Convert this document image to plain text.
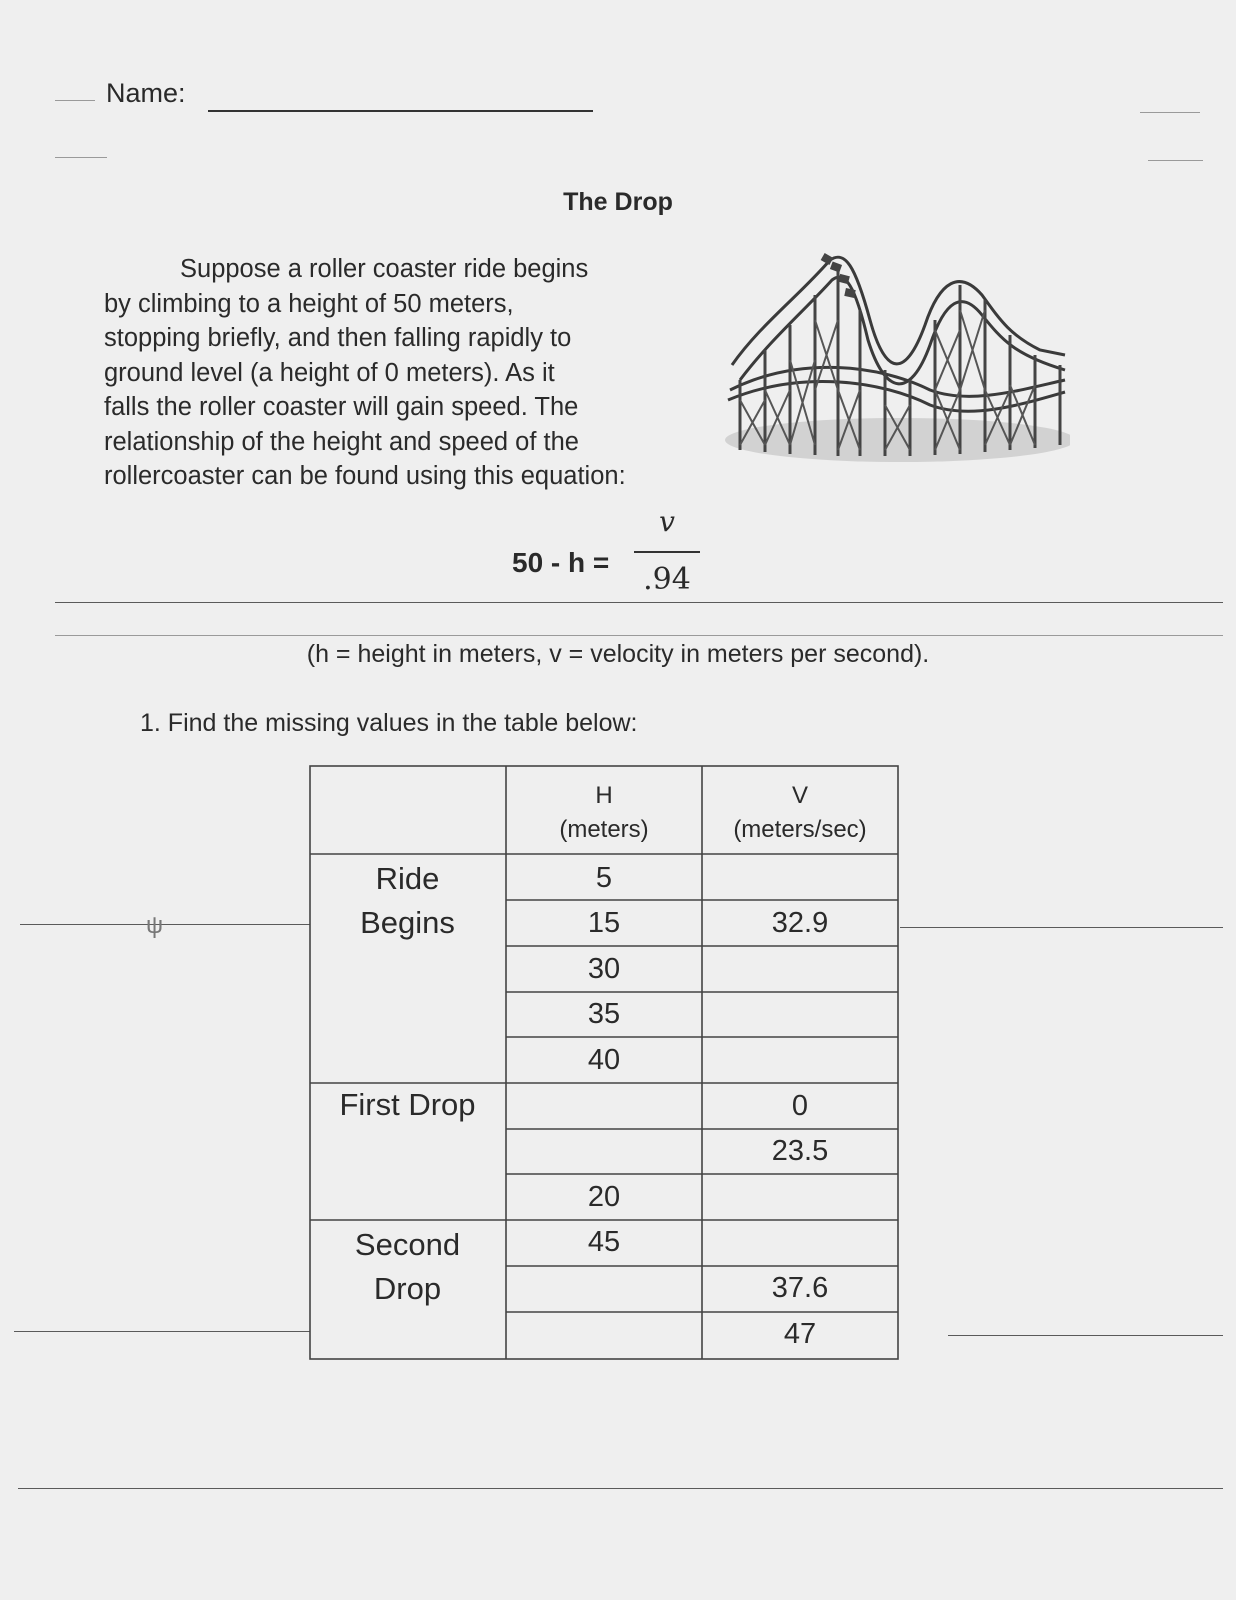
ψ
Name:
The Drop
Suppose a roller coaster ride begins
by climbing to a height of 50 meters,
stopping briefly, and then falling rapidly to
ground level (a height of 0 meters). As it
falls the roller coaster will gain speed. The
relationship of the height and speed of the
rollercoaster can be found using this equation:
50 - h =
v
.94
(h = height in meters, v = velocity in meters per second).
1. Find the missing values in the table below:
H
(meters)
V
(meters/sec)
Ride
Begins
First Drop
Second
Drop
5
15
30
35
40
20
45
32.9
0
23.5
37.6
47
